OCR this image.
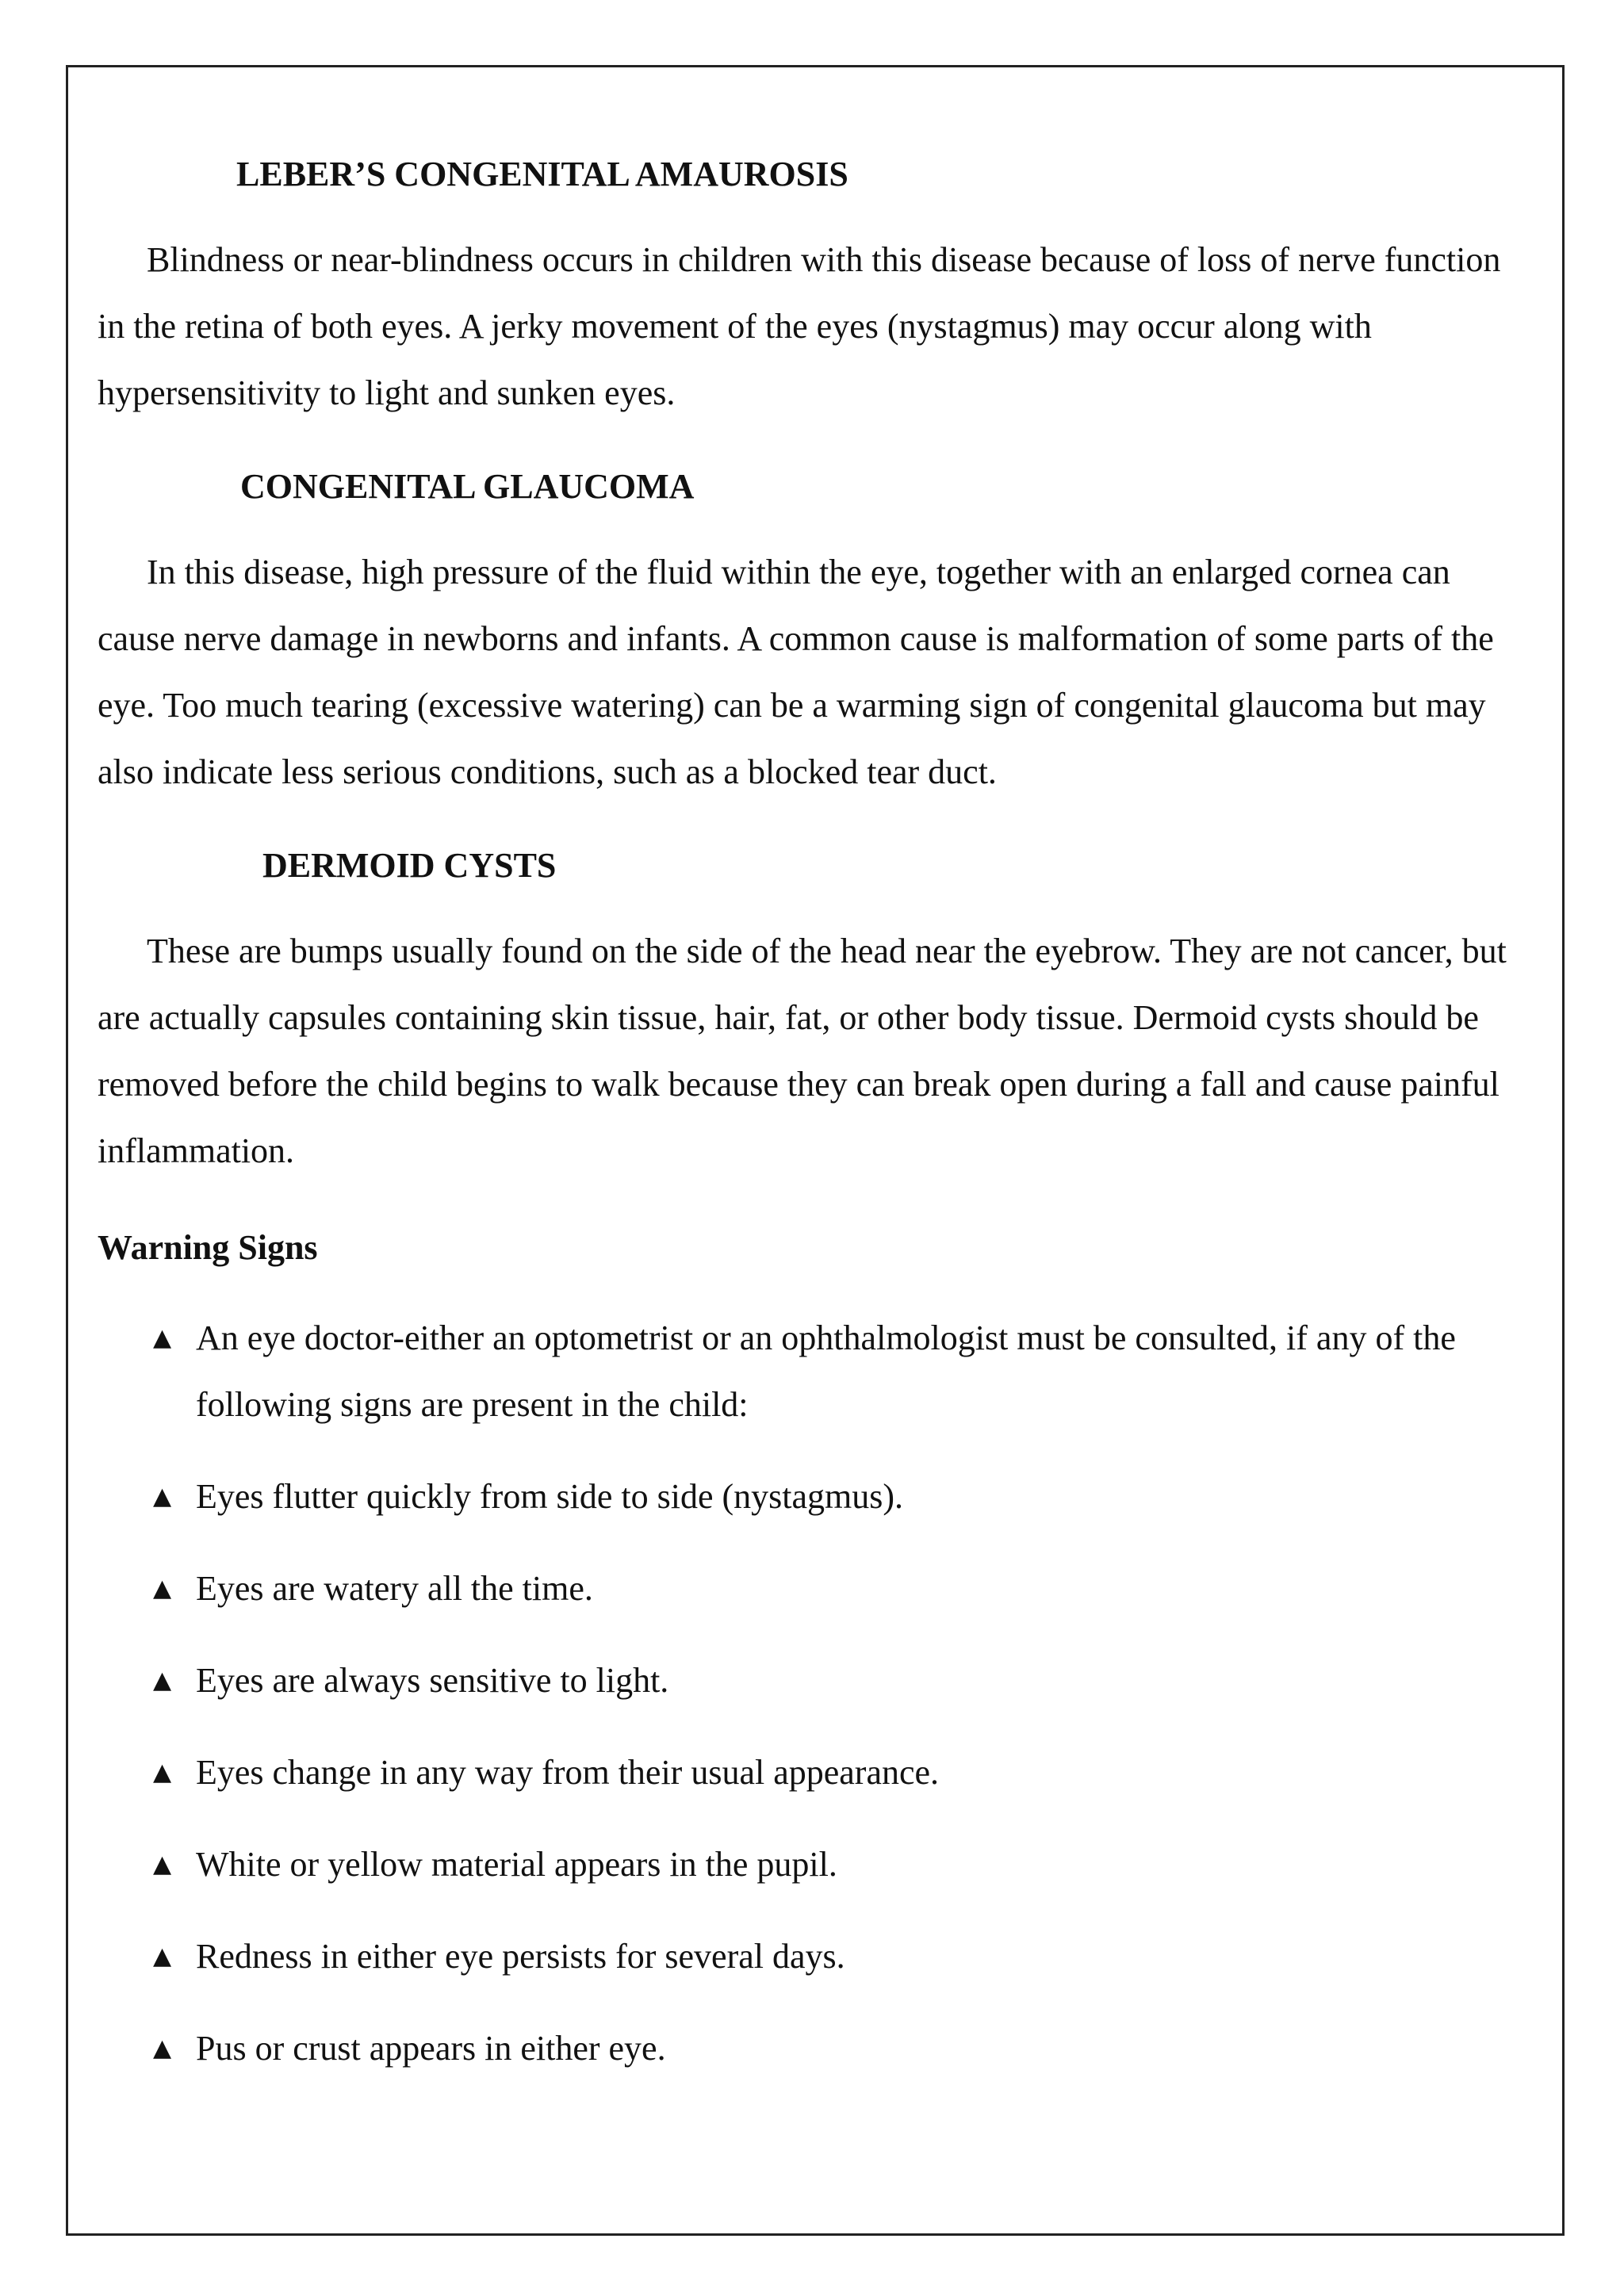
LEBER’S CONGENITAL AMAUROSIS

Blindness or near-blindness occurs in children with this disease because of loss of nerve function in the retina of both eyes. A jerky movement of the eyes (nystagmus) may occur along with hypersensitivity to light and sunken eyes.

CONGENITAL GLAUCOMA

In this disease, high pressure of the fluid within the eye, together with an enlarged cornea can cause nerve damage in newborns and infants. A common cause is malformation of some parts of the eye. Too much tearing (excessive watering) can be a warming sign of congenital glaucoma but may also indicate less serious conditions, such as a blocked tear duct.

DERMOID CYSTS

These are bumps usually found on the side of the head near the eyebrow. They are not cancer, but are actually capsules containing skin tissue, hair, fat, or other body tissue. Dermoid cysts should be removed before the child begins to walk because they can break open during a fall and cause painful inflammation.

Warning Signs
▲ An eye doctor-either an optometrist or an ophthalmologist must be consulted, if any of the following signs are present in the child:
▲ Eyes flutter quickly from side to side (nystagmus).
▲ Eyes are watery all the time.
▲ Eyes are always sensitive to light.
▲ Eyes change in any way from their usual appearance.
▲ White or yellow material appears in the pupil.
▲ Redness in either eye persists for several days.
▲ Pus or crust appears in either eye.
